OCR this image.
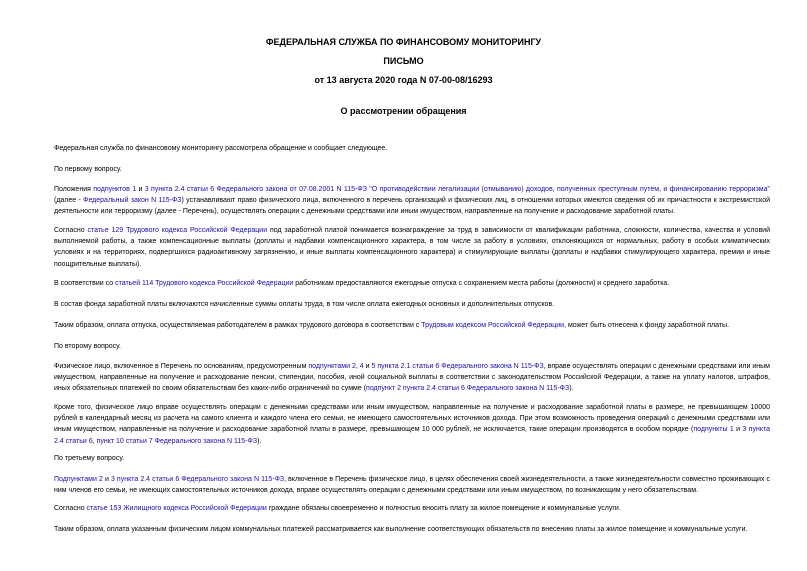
ФЕДЕРАЛЬНАЯ СЛУЖБА ПО ФИНАНСОВОМУ МОНИТОРИНГУ
ПИСЬМО
от 13 августа 2020 года N 07-00-08/16293
О рассмотрении обращения
Федеральная служба по финансовому мониторингу рассмотрела обращение и сообщает следующее.
По первому вопросу.
Положения подпунктов 1 и 3 пункта 2.4 статьи 6 Федерального закона от 07.08.2001 N 115-ФЗ "О противодействии легализации (отмыванию) доходов, полученных преступным путем, и финансированию терроризма" (далее - Федеральный закон N 115-ФЗ) устанавливают право физического лица, включенного в перечень организаций и физических лиц, в отношении которых имеются сведения об их причастности к экстремистской деятельности или терроризму (далее - Перечень), осуществлять операции с денежными средствами или иным имуществом, направленные на получение и расходование заработной платы.
Согласно статье 129 Трудового кодекса Российской Федерации под заработной платой понимается вознаграждение за труд в зависимости от квалификации работника, сложности, количества, качества и условий выполняемой работы, а также компенсационные выплаты (доплаты и надбавки компенсационного характера, в том числе за работу в условиях, отклоняющихся от нормальных, работу в особых климатических условиях и на территориях, подвергшихся радиоактивному загрязнению, и иные выплаты компенсационного характера) и стимулирующие выплаты (доплаты и надбавки стимулирующего характера, премии и иные поощрительные выплаты).
В соответствии со статьей 114 Трудового кодекса Российской Федерации работникам предоставляются ежегодные отпуска с сохранением места работы (должности) и среднего заработка.
В состав фонда заработной платы включаются начисленные суммы оплаты труда, в том числе оплата ежегодных основных и дополнительных отпусков.
Таким образом, оплата отпуска, осуществляемая работодателем в рамках трудового договора в соответствии с Трудовым кодексом Российской Федерации, может быть отнесена к фонду заработной платы.
По второму вопросу.
Физическое лицо, включенное в Перечень по основаниям, предусмотренным подпунктами 2, 4 и 5 пункта 2.1 статьи 6 Федерального закона N 115-ФЗ, вправе осуществлять операции с денежными средствами или иным имуществом, направленные на получение и расходование пенсии, стипендии, пособия, иной социальной выплаты в соответствии с законодательством Российской Федерации, а также на уплату налогов, штрафов, иных обязательных платежей по своим обязательствам без каких-либо ограничений по сумме (подпункт 2 пункта 2.4 статьи 6 Федерального закона N 115-ФЗ).
Кроме того, физическое лицо вправе осуществлять операции с денежными средствами или иным имуществом, направленные на получение и расходование заработной платы в размере, не превышающем 10000 рублей в календарный месяц из расчета на самого клиента и каждого члена его семьи, не имеющего самостоятельных источников дохода. При этом возможность проведения операций с денежными средствами или иным имуществом, направленные на получение и расходование заработной платы в размере, превышающем 10 000 рублей, не исключается, такие операции производятся в особом порядке (подпункты 1 и 3 пункта 2.4 статьи 6, пункт 10 статьи 7 Федерального закона N 115-ФЗ).
По третьему вопросу.
Подпунктами 2 и 3 пункта 2.4 статьи 6 Федерального закона N 115-ФЗ, включенное в Перечень физическое лицо, в целях обеспечения своей жизнедеятельности, а также жизнедеятельности совместно проживающих с ним членов его семьи, не имеющих самостоятельных источников дохода, вправе осуществлять операции с денежными средствами или иным имуществом, по возникающим у него обязательствам.
Согласно статье 153 Жилищного кодекса Российской Федерации граждане обязаны своевременно и полностью вносить плату за жилое помещение и коммунальные услуги.
Таким образом, оплата указанным физическим лицом коммунальных платежей рассматривается как выполнение соответствующих обязательств по внесению платы за жилое помещение и коммунальные услуги.
